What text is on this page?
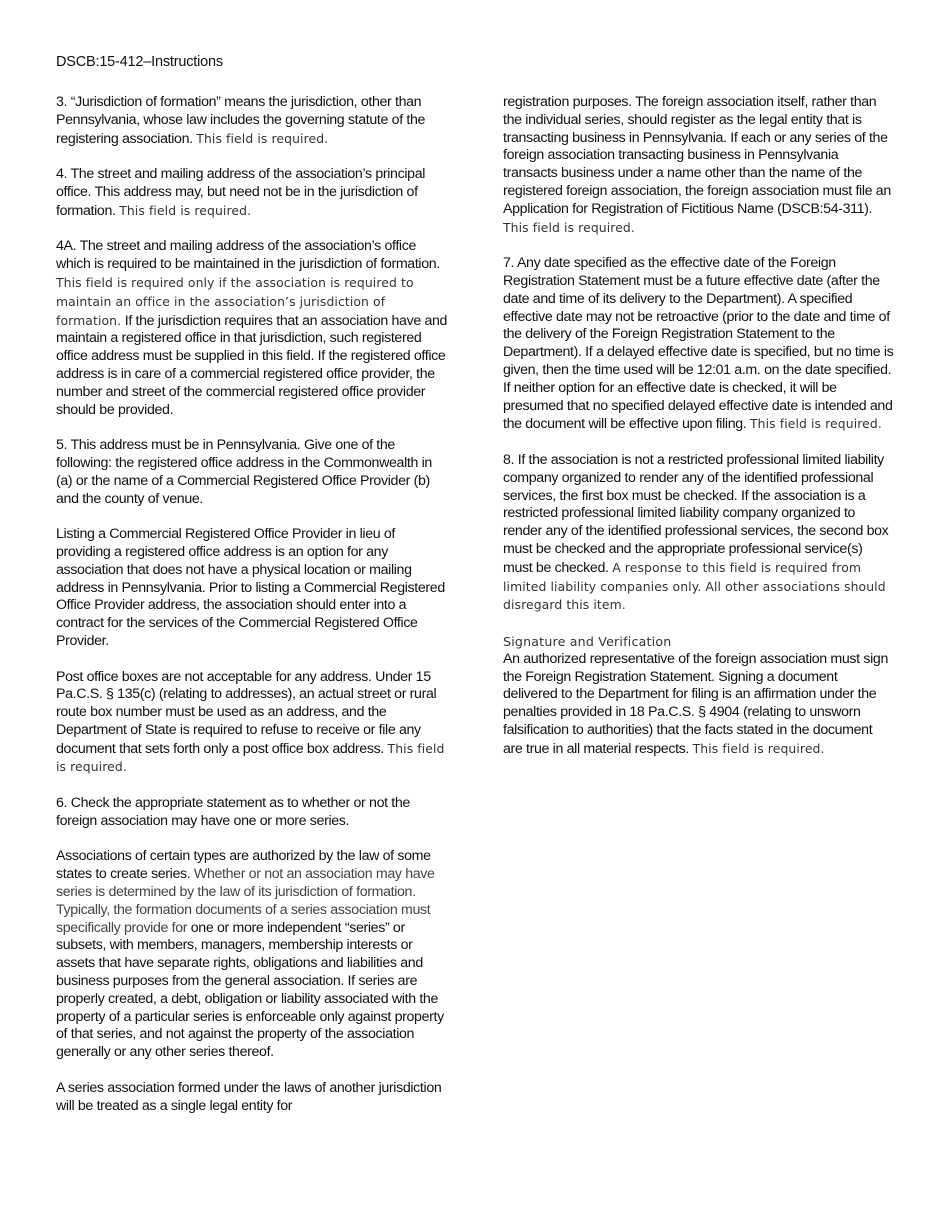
DSCB:15-412–Instructions

3. “Jurisdiction of formation” means the jurisdiction, other than Pennsylvania, whose law includes the governing statute of the registering association. This field is required.

4. The street and mailing address of the association’s principal office. This address may, but need not be in the jurisdiction of formation. This field is required.

4A. The street and mailing address of the association’s office which is required to be maintained in the jurisdiction of formation. This field is required only if the association is required to maintain an office in the association’s jurisdiction of formation. If the jurisdiction requires that an association have and maintain a registered office in that jurisdiction, such registered office address must be supplied in this field. If the registered office address is in care of a commercial registered office provider, the number and street of the commercial registered office provider should be provided.

5. This address must be in Pennsylvania. Give one of the following: the registered office address in the Commonwealth in (a) or the name of a Commercial Registered Office Provider (b) and the county of venue.

Listing a Commercial Registered Office Provider in lieu of providing a registered office address is an option for any association that does not have a physical location or mailing address in Pennsylvania. Prior to listing a Commercial Registered Office Provider address, the association should enter into a contract for the services of the Commercial Registered Office Provider.

Post office boxes are not acceptable for any address. Under 15 Pa.C.S. § 135(c) (relating to addresses), an actual street or rural route box number must be used as an address, and the Department of State is required to refuse to receive or file any document that sets forth only a post office box address. This field is required.

6. Check the appropriate statement as to whether or not the foreign association may have one or more series.

Associations of certain types are authorized by the law of some states to create series. Whether or not an association may have series is determined by the law of its jurisdiction of formation. Typically, the formation documents of a series association must specifically provide for one or more independent “series” or subsets, with members, managers, membership interests or assets that have separate rights, obligations and liabilities and business purposes from the general association. If series are properly created, a debt, obligation or liability associated with the property of a particular series is enforceable only against property of that series, and not against the property of the association generally or any other series thereof.

A series association formed under the laws of another jurisdiction will be treated as a single legal entity for

registration purposes. The foreign association itself, rather than the individual series, should register as the legal entity that is transacting business in Pennsylvania. If each or any series of the foreign association transacting business in Pennsylvania transacts business under a name other than the name of the registered foreign association, the foreign association must file an Application for Registration of Fictitious Name (DSCB:54-311). This field is required.

7. Any date specified as the effective date of the Foreign Registration Statement must be a future effective date (after the date and time of its delivery to the Department). A specified effective date may not be retroactive (prior to the date and time of the delivery of the Foreign Registration Statement to the Department). If a delayed effective date is specified, but no time is given, then the time used will be 12:01 a.m. on the date specified. If neither option for an effective date is checked, it will be presumed that no specified delayed effective date is intended and the document will be effective upon filing. This field is required.

8. If the association is not a restricted professional limited liability company organized to render any of the identified professional services, the first box must be checked. If the association is a restricted professional limited liability company organized to render any of the identified professional services, the second box must be checked and the appropriate professional service(s) must be checked. A response to this field is required from limited liability companies only. All other associations should disregard this item.

Signature and Verification
An authorized representative of the foreign association must sign the Foreign Registration Statement. Signing a document delivered to the Department for filing is an affirmation under the penalties provided in 18 Pa.C.S. § 4904 (relating to unsworn falsification to authorities) that the facts stated in the document are true in all material respects. This field is required.
